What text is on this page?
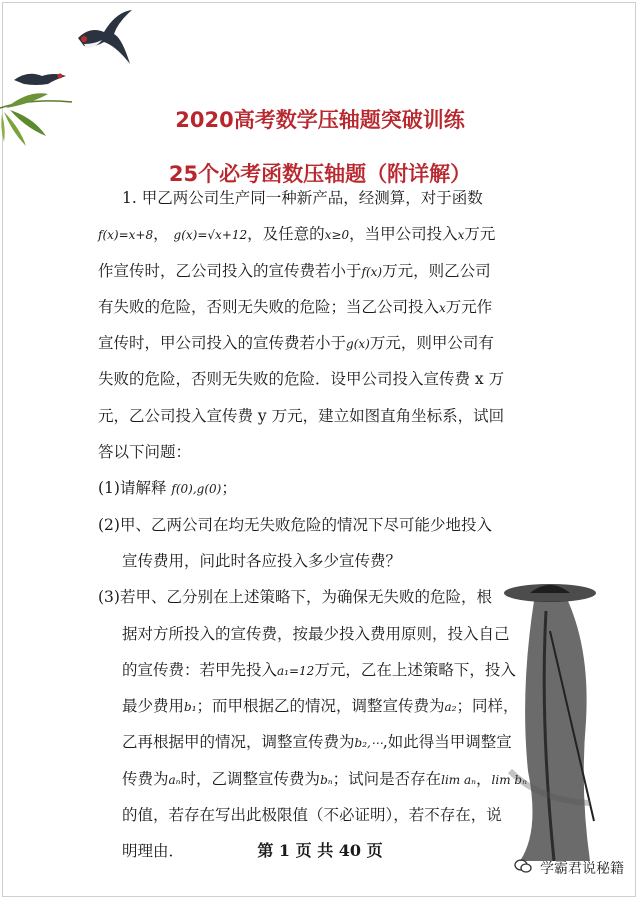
2020高考数学压轴题突破训练
25个必考函数压轴题（附详解）
1. 甲乙两公司生产同一种新产品，经测算，对于函数
f(x)=x+8， g(x)=√x+12，及任意的x≥0，当甲公司投入x万元
作宣传时，乙公司投入的宣传费若小于f(x)万元，则乙公司
有失败的危险，否则无失败的危险；当乙公司投入x万元作
宣传时，甲公司投入的宣传费若小于g(x)万元，则甲公司有
失败的危险，否则无失败的危险．设甲公司投入宣传费 x 万
元，乙公司投入宣传费 y 万元，建立如图直角坐标系，试回
答以下问题：
(1)请解释 f(0),g(0)；
(2)甲、乙两公司在均无失败危险的情况下尽可能少地投入
宣传费用，问此时各应投入多少宣传费？
(3)若甲、乙分别在上述策略下，为确保无失败的危险，根
据对方所投入的宣传费，按最少投入费用原则，投入自己
的宣传费：若甲先投入a₁=12万元，乙在上述策略下，投入
最少费用b₁；而甲根据乙的情况，调整宣传费为a₂；同样，
乙再根据甲的情况，调整宣传费为b₂,⋯,如此得当甲调整宣
传费为aₙ时，乙调整宣传费为bₙ；试问是否存在lim aₙ，lim bₙ
的值，若存在写出此极限值（不必证明），若不存在，说
明理由．	第 1 页 共 40 页
学霸君说秘籍
